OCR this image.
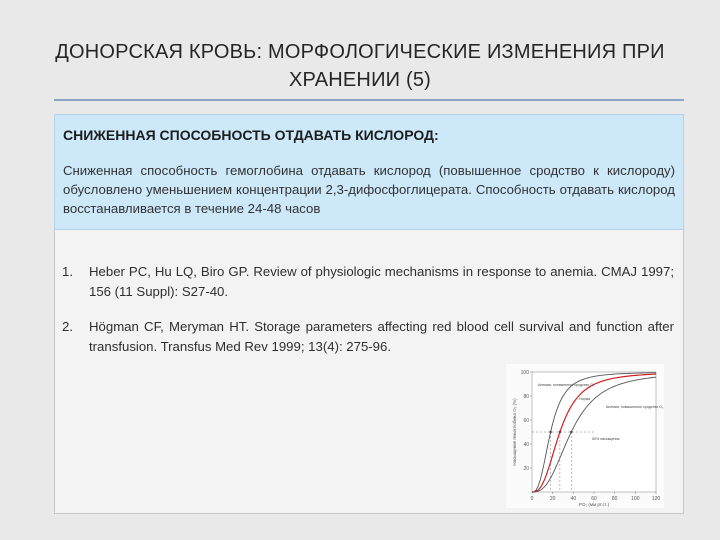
ДОНОРСКАЯ КРОВЬ: МОРФОЛОГИЧЕСКИЕ ИЗМЕНЕНИЯ ПРИ ХРАНЕНИИ (5)
СНИЖЕННАЯ СПОСОБНОСТЬ ОТДАВАТЬ КИСЛОРОД:
Сниженная способность гемоглобина отдавать кислород (повышенное сродство к кислороду) обусловлено уменьшением концентрации 2,3-дифосфоглицерата. Способность отдавать кислород восстанавливается в течение 24-48 часов
1. Heber PC, Hu LQ, Biro GP. Review of physiologic mechanisms in response to anemia. CMAJ 1997; 156 (11 Suppl): S27-40.
2. Högman CF, Meryman HT. Storage parameters affecting red blood cell survival and function after transfusion. Transfus Med Rev 1999; 13(4): 275-96.
0	20	40	60	80	100 120
100
80
60
40
20
PO₂ (мм рт.ст.)
Насыщение гемоглобина O₂ (%)
Анемия, пониженное сродство O₂
Норма
Анемия, повышенное сродство O₂
50% насыщения
